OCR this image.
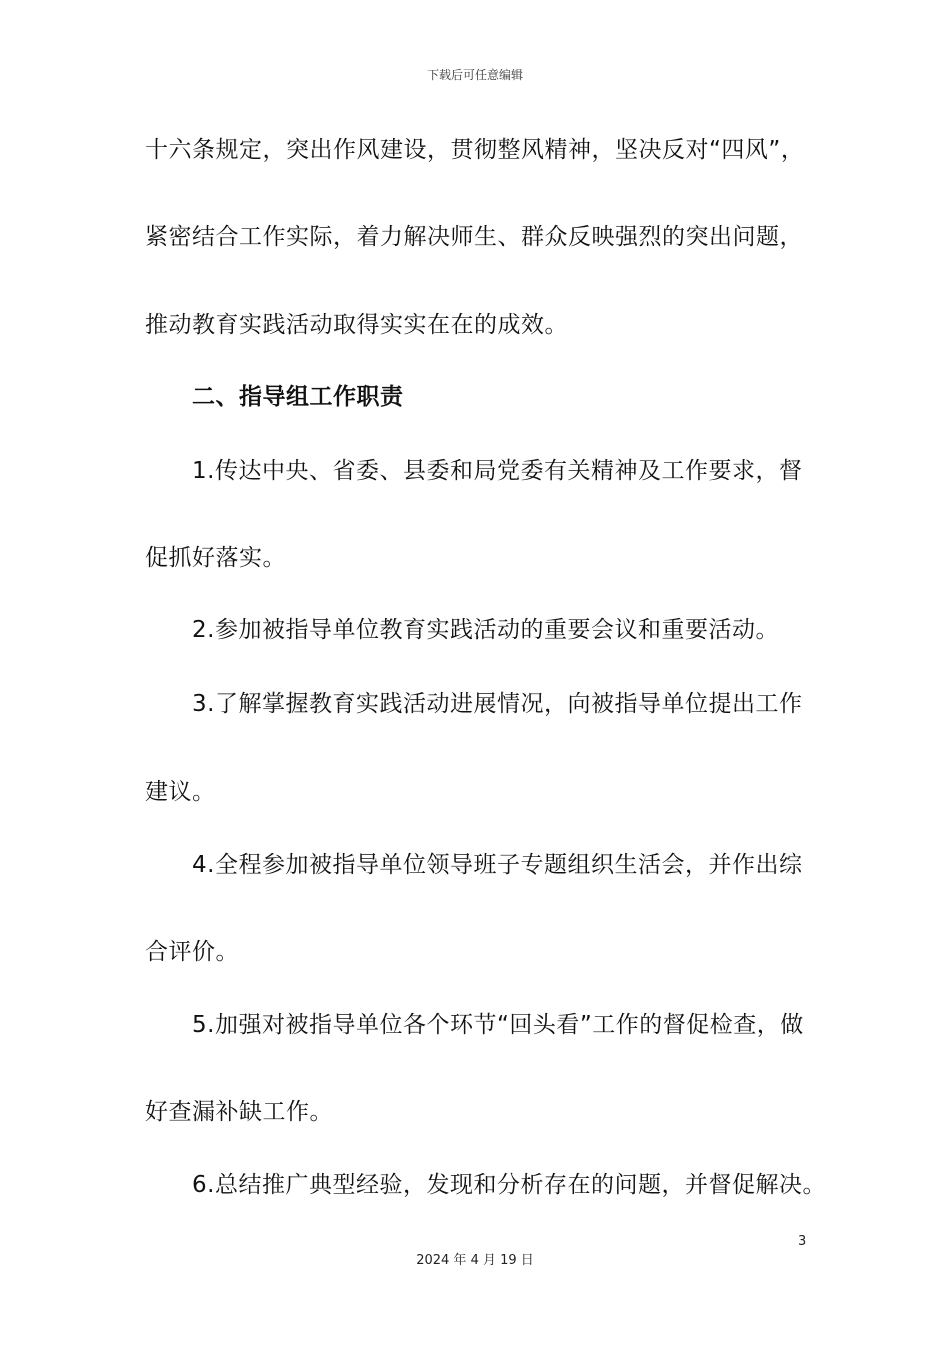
下载后可任意编辑
十六条规定，突出作风建设，贯彻整风精神，坚决反对“四风”，
紧密结合工作实际，着力解决师生、群众反映强烈的突出问题，
推动教育实践活动取得实实在在的成效。
二、指导组工作职责
1.传达中央、省委、县委和局党委有关精神及工作要求，督
促抓好落实。
2.参加被指导单位教育实践活动的重要会议和重要活动。
3.了解掌握教育实践活动进展情况，向被指导单位提出工作
建议。
4.全程参加被指导单位领导班子专题组织生活会，并作出综
合评价。
5.加强对被指导单位各个环节“回头看”工作的督促检查，做
好查漏补缺工作。
6.总结推广典型经验，发现和分析存在的问题，并督促解决。
3
2024 年 4 月 19 日
